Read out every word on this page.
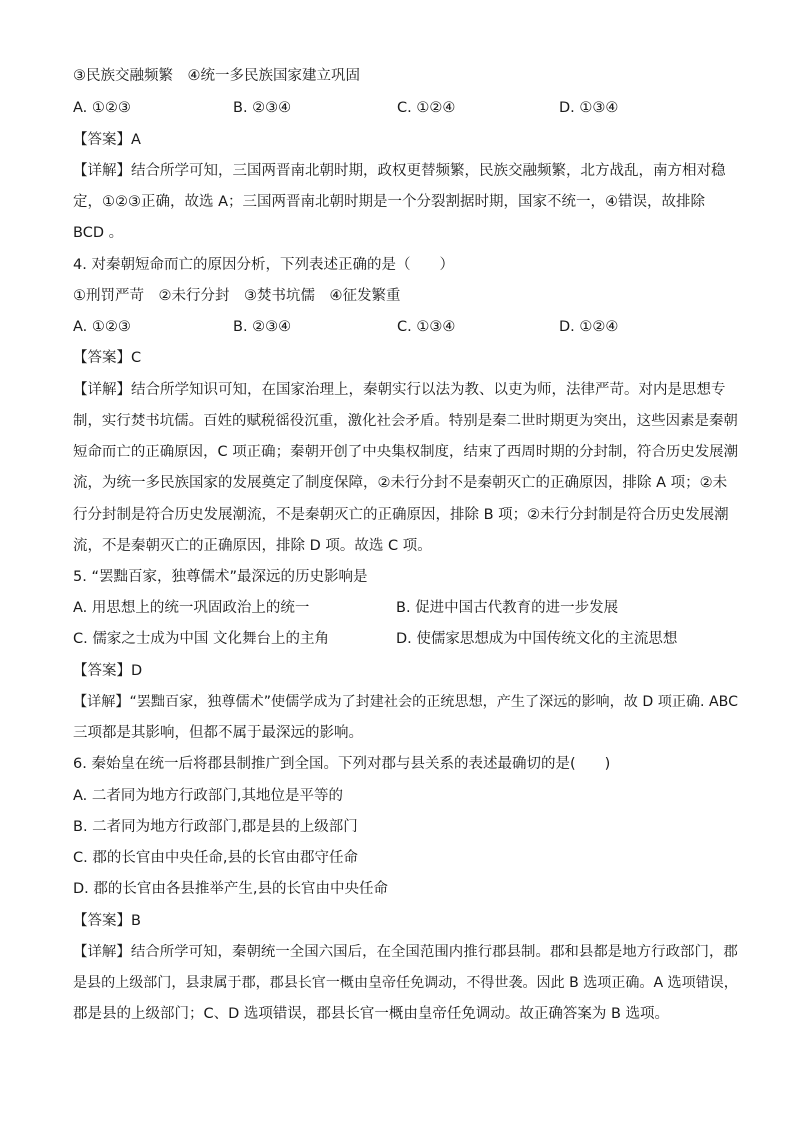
③民族交融频繁　④统一多民族国家建立巩固
A. ①②③	B. ②③④	C. ①②④	D. ①③④
【答案】A
【详解】结合所学可知，三国两晋南北朝时期，政权更替频繁，民族交融频繁，北方战乱，南方相对稳
定，①②③正确，故选 A；三国两晋南北朝时期是一个分裂割据时期，国家不统一，④错误，故排除
BCD 。
4. 对秦朝短命而亡的原因分析，下列表述正确的是（　　）
①刑罚严苛　②未行分封　③焚书坑儒　④征发繁重
A. ①②③	B. ②③④	C. ①③④	D. ①②④
【答案】C
【详解】结合所学知识可知，在国家治理上，秦朝实行以法为教、以吏为师，法律严苛。对内是思想专
制，实行焚书坑儒。百姓的赋税徭役沉重，激化社会矛盾。特别是秦二世时期更为突出，这些因素是秦朝
短命而亡的正确原因，C 项正确；秦朝开创了中央集权制度，结束了西周时期的分封制，符合历史发展潮
流，为统一多民族国家的发展奠定了制度保障，②未行分封不是秦朝灭亡的正确原因，排除 A 项；②未
行分封制是符合历史发展潮流，不是秦朝灭亡的正确原因，排除 B 项；②未行分封制是符合历史发展潮
流，不是秦朝灭亡的正确原因，排除 D 项。故选 C 项。
5. “罢黜百家，独尊儒术”最深远的历史影响是
A. 用思想上的统一巩固政治上的统一	B. 促进中国古代教育的进一步发展
C. 儒家之士成为中国 文化舞台上的主角	D. 使儒家思想成为中国传统文化的主流思想
【答案】D
【详解】“罢黜百家，独尊儒术”使儒学成为了封建社会的正统思想，产生了深远的影响，故 D 项正确. ABC
三项都是其影响，但都不属于最深远的影响。
6. 秦始皇在统一后将郡县制推广到全国。下列对郡与县关系的表述最确切的是(　　)
A. 二者同为地方行政部门,其地位是平等的
B. 二者同为地方行政部门,郡是县的上级部门
C. 郡的长官由中央任命,县的长官由郡守任命
D. 郡的长官由各县推举产生,县的长官由中央任命
【答案】B
【详解】结合所学可知，秦朝统一全国六国后，在全国范围内推行郡县制。郡和县都是地方行政部门，郡
是县的上级部门，县隶属于郡，郡县长官一概由皇帝任免调动，不得世袭。因此 B 选项正确。A 选项错误，
郡是县的上级部门；C、D 选项错误，郡县长官一概由皇帝任免调动。故正确答案为 B 选项。
